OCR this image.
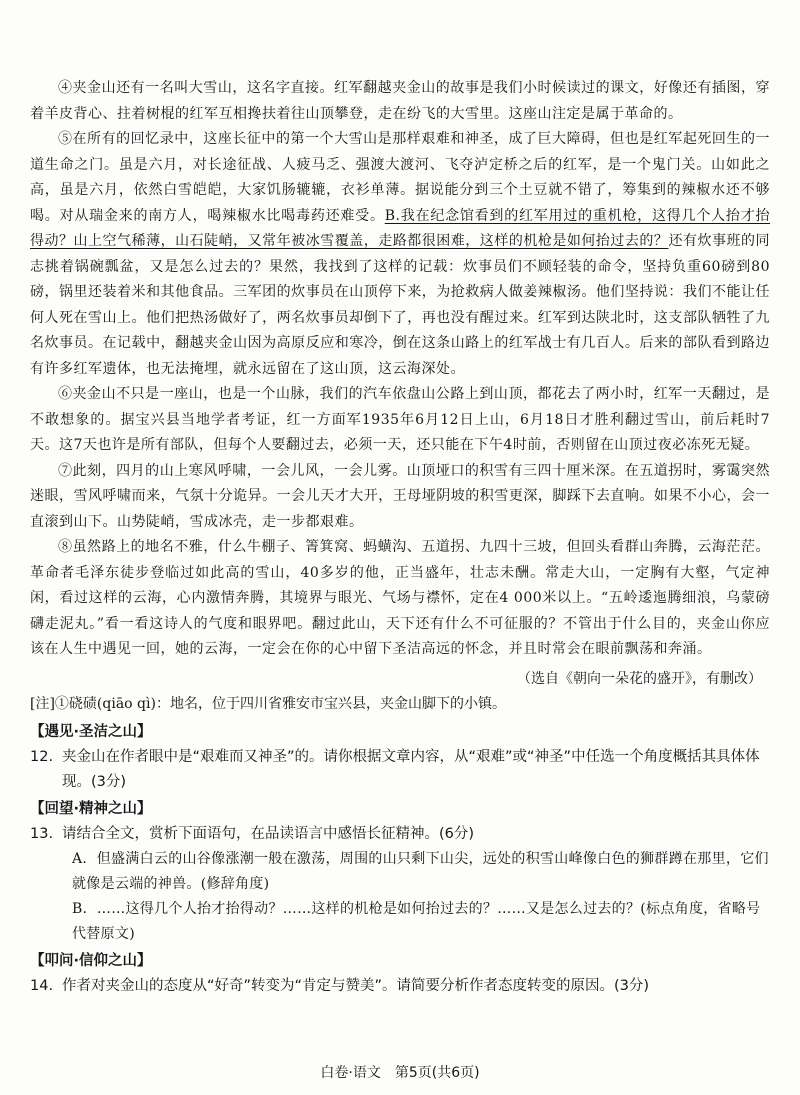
④夹金山还有一名叫大雪山，这名字直接。红军翻越夹金山的故事是我们小时候读过的课文，好像还有插图，穿着羊皮背心、拄着树棍的红军互相搀扶着往山顶攀登，走在纷飞的大雪里。这座山注定是属于革命的。

⑤在所有的回忆录中，这座长征中的第一个大雪山是那样艰难和神圣，成了巨大障碍，但也是红军起死回生的一道生命之门。虽是六月，对长途征战、人疲马乏、强渡大渡河、飞夺泸定桥之后的红军，是一个鬼门关。山如此之高，虽是六月，依然白雪皑皑，大家饥肠辘辘，衣衫单薄。据说能分到三个土豆就不错了，筹集到的辣椒水还不够喝。对从瑞金来的南方人，喝辣椒水比喝毒药还难受。B.我在纪念馆看到的红军用过的重机枪，这得几个人抬才抬得动？山上空气稀薄，山石陡峭，又常年被冰雪覆盖，走路都很困难，这样的机枪是如何抬过去的？还有炊事班的同志挑着锅碗瓢盆，又是怎么过去的？果然，我找到了这样的记载：炊事员们不顾轻装的命令，坚持负重60磅到80磅，锅里还装着米和其他食品。三军团的炊事员在山顶停下来，为抢救病人做姜辣椒汤。他们坚持说：我们不能让任何人死在雪山上。他们把热汤做好了，两名炊事员却倒下了，再也没有醒过来。红军到达陕北时，这支部队牺牲了九名炊事员。在记载中，翻越夹金山因为高原反应和寒冷，倒在这条山路上的红军战士有几百人。后来的部队看到路边有许多红军遗体，也无法掩埋，就永远留在了这山顶，这云海深处。

⑥夹金山不只是一座山，也是一个山脉，我们的汽车依盘山公路上到山顶，都花去了两小时，红军一天翻过，是不敢想象的。据宝兴县当地学者考证，红一方面军1935年6月12日上山，6月18日才胜利翻过雪山，前后耗时7天。这7天也许是所有部队，但每个人要翻过去，必须一天，还只能在下午4时前，否则留在山顶过夜必冻死无疑。

⑦此刻，四月的山上寒风呼啸，一会儿风，一会儿雾。山顶垭口的积雪有三四十厘米深。在五道拐时，雾霭突然迷眼，雪风呼啸而来，气氛十分诡异。一会儿天才大开，王母垭阴坡的积雪更深，脚踩下去直响。如果不小心，会一直滚到山下。山势陡峭，雪成冰壳，走一步都艰难。

⑧虽然路上的地名不雅，什么牛棚子、箐箕窝、蚂蟥沟、五道拐、九四十三坡，但回头看群山奔腾，云海茫茫。革命者毛泽东徒步登临过如此高的雪山，40多岁的他，正当盛年，壮志未酬。常走大山，一定胸有大壑，气定神闲，看过这样的云海，心内激情奔腾，其境界与眼光、气场与襟怀，定在4 000米以上。“五岭逶迤腾细浪，乌蒙磅礴走泥丸。”看一看这诗人的气度和眼界吧。翻过此山，天下还有什么不可征服的？不管出于什么目的，夹金山你应该在人生中遇见一回，她的云海，一定会在你的心中留下圣洁高远的怀念，并且时常会在眼前飘荡和奔涌。

（选自《朝向一朵花的盛开》，有删改）

[注]①硗碛(qiāo qì)：地名，位于四川省雅安市宝兴县，夹金山脚下的小镇。

【遇见·圣洁之山】

12. 夹金山在作者眼中是“艰难而又神圣”的。请你根据文章内容，从“艰难”或“神圣”中任选一个角度概括其具体体现。(3分)

【回望·精神之山】

13. 请结合全文，赏析下面语句，在品读语言中感悟长征精神。(6分)

A．但盛满白云的山谷像涨潮一般在激荡，周围的山只剩下山尖，远处的积雪山峰像白色的狮群蹲在那里，它们就像是云端的神兽。(修辞角度)

B．……这得几个人抬才抬得动？……这样的机枪是如何抬过去的？……又是怎么过去的？(标点角度，省略号代替原文)

【叩问·信仰之山】

14. 作者对夹金山的态度从“好奇”转变为“肯定与赞美”。请简要分析作者态度转变的原因。(3分)

白卷·语文　第5页(共6页)
